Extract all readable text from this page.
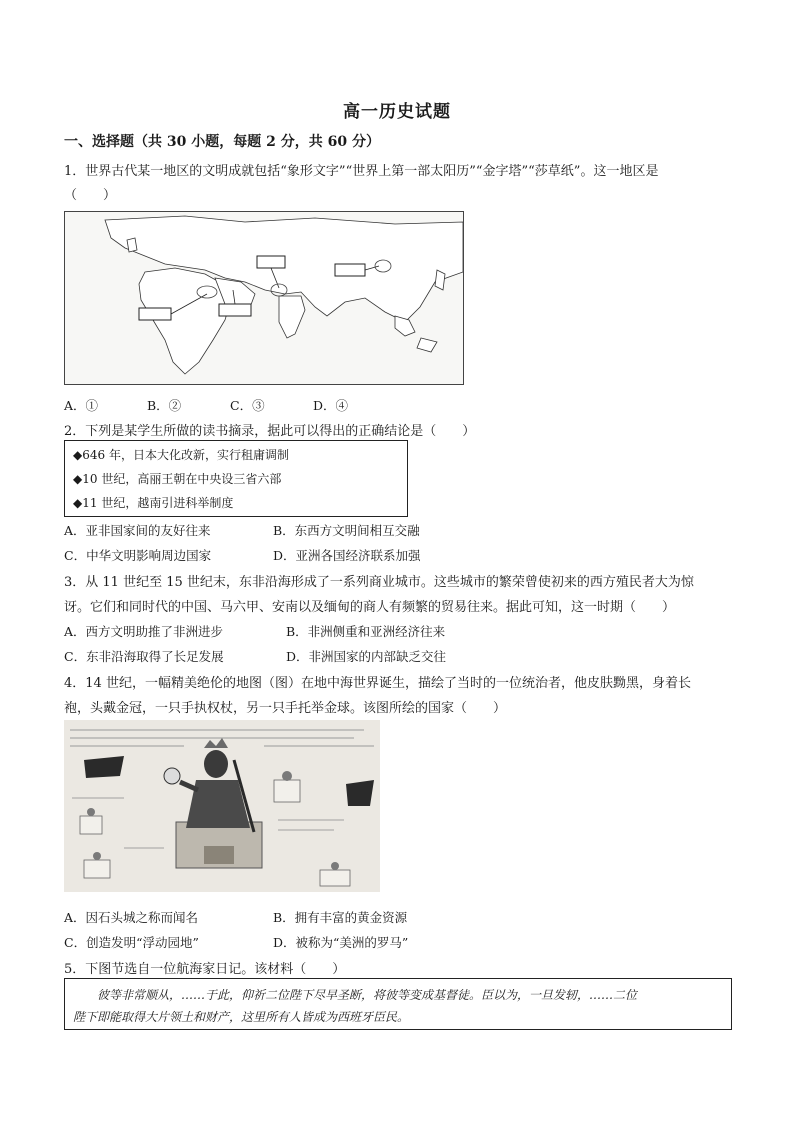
高一历史试题
一、选择题（共 30 小题，每题 2 分，共 60 分）
1．世界古代某一地区的文明成就包括“象形文字”“世界上第一部太阳历”“金字塔”“莎草纸”。这一地区是
（　　）
A．①	B．②	C．③	D．④
2．下列是某学生所做的读书摘录，据此可以得出的正确结论是（　　）
◆646 年，日本大化改新，实行租庸调制
◆10 世纪，高丽王朝在中央设三省六部
◆11 世纪，越南引进科举制度
A．亚非国家间的友好往来	B．东西方文明间相互交融
C．中华文明影响周边国家	D．亚洲各国经济联系加强
3．从 11 世纪至 15 世纪末，东非沿海形成了一系列商业城市。这些城市的繁荣曾使初来的西方殖民者大为惊
讶。它们和同时代的中国、马六甲、安南以及缅甸的商人有频繁的贸易往来。据此可知，这一时期（　　）
A．西方文明助推了非洲进步	B．非洲侧重和亚洲经济往来
C．东非沿海取得了长足发展	D．非洲国家的内部缺乏交往
4．14 世纪，一幅精美绝伦的地图（图）在地中海世界诞生，描绘了当时的一位统治者，他皮肤黝黑，身着长
袍，头戴金冠，一只手执权杖，另一只手托举金球。该图所绘的国家（　　）
A．因石头城之称而闻名	B．拥有丰富的黄金资源
C．创造发明“浮动园地”	D．被称为“美洲的罗马”
5．下图节选自一位航海家日记。该材料（　　）
彼等非常顺从，……于此，仰祈二位陛下尽早圣断，将彼等变成基督徒。臣以为，一旦发轫，……二位
陛下即能取得大片领土和财产，这里所有人皆成为西班牙臣民。
